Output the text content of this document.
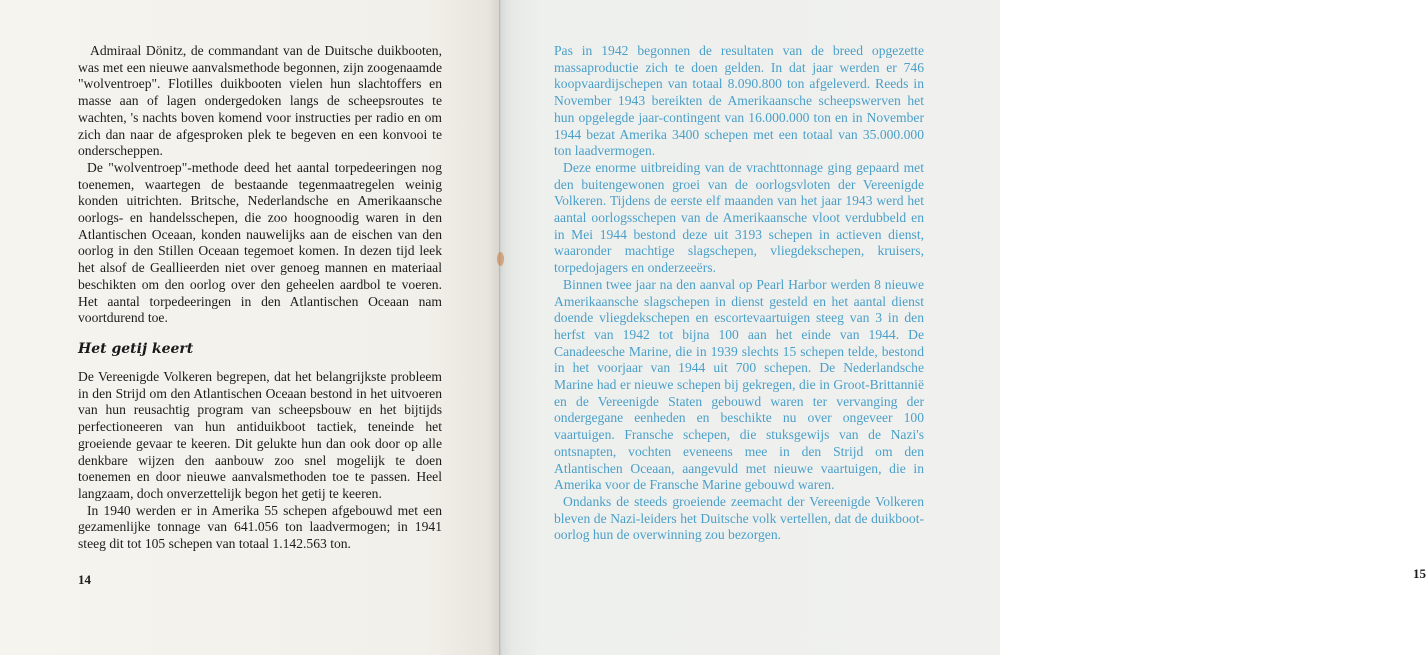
Admiraal Dönitz, de commandant van de Duitsche duikbooten, was met een nieuwe aanvalsmethode begonnen, zijn zoogenaamde "wolventroep". Flotilles duikbooten vielen hun slachtoffers en masse aan of lagen ondergedoken langs de scheepsroutes te wachten, 's nachts boven komend voor instructies per radio en om zich dan naar de afgesproken plek te begeven en een konvooi te onderscheppen.

De "wolventroep"-methode deed het aantal torpedeeringen nog toenemen, waartegen de bestaande tegenmaatregelen weinig konden uitrichten. Britsche, Nederlandsche en Amerikaansche oorlogs- en handelsschepen, die zoo hoognoodig waren in den Atlantischen Oceaan, konden nauwelijks aan de eischen van den oorlog in den Stillen Oceaan tegemoet komen. In dezen tijd leek het alsof de Geallieerden niet over genoeg mannen en materiaal beschikten om den oorlog over den geheelen aardbol te voeren. Het aantal torpedeeringen in den Atlantischen Oceaan nam voortdurend toe.

Het getij keert

De Vereenigde Volkeren begrepen, dat het belangrijkste probleem in den Strijd om den Atlantischen Oceaan bestond in het uitvoeren van hun reusachtig program van scheepsbouw en het bijtijds perfectioneeren van hun antiduikboot tactiek, teneinde het groeiende gevaar te keeren. Dit gelukte hun dan ook door op alle denkbare wijzen den aanbouw zoo snel mogelijk te doen toenemen en door nieuwe aanvalsmethoden toe te passen. Heel langzaam, doch onverzettelijk begon het getij te keeren.

In 1940 werden er in Amerika 55 schepen afgebouwd met een gezamenlijke tonnage van 641.056 ton laadvermogen; in 1941 steeg dit tot 105 schepen van totaal 1.142.563 ton.

14	15

Pas in 1942 begonnen de resultaten van de breed opgezette massaproductie zich te doen gelden. In dat jaar werden er 746 koopvaardijschepen van totaal 8.090.800 ton afgeleverd. Reeds in November 1943 bereikten de Amerikaansche scheepswerven het hun opgelegde jaar-contingent van 16.000.000 ton en in November 1944 bezat Amerika 3400 schepen met een totaal van 35.000.000 ton laadvermogen.

Deze enorme uitbreiding van de vrachttonnage ging gepaard met den buitengewonen groei van de oorlogsvloten der Vereenigde Volkeren. Tijdens de eerste elf maanden van het jaar 1943 werd het aantal oorlogsschepen van de Amerikaansche vloot verdubbeld en in Mei 1944 bestond deze uit 3193 schepen in actieven dienst, waaronder machtige slagschepen, vliegdekschepen, kruisers, torpedojagers en onderzeeërs.

Binnen twee jaar na den aanval op Pearl Harbor werden 8 nieuwe Amerikaansche slagschepen in dienst gesteld en het aantal dienst doende vliegdekschepen en escortevaartuigen steeg van 3 in den herfst van 1942 tot bijna 100 aan het einde van 1944. De Canadeesche Marine, die in 1939 slechts 15 schepen telde, bestond in het voorjaar van 1944 uit 700 schepen. De Nederlandsche Marine had er nieuwe schepen bij gekregen, die in Groot-Brittannië en de Vereenigde Staten gebouwd waren ter vervanging der ondergegane eenheden en beschikte nu over ongeveer 100 vaartuigen. Fransche schepen, die stuksgewijs van de Nazi's ontsnapten, vochten eveneens mee in den Strijd om den Atlantischen Oceaan, aangevuld met nieuwe vaartuigen, die in Amerika voor de Fransche Marine gebouwd waren.

Ondanks de steeds groeiende zeemacht der Vereenigde Volkeren bleven de Nazi-leiders het Duitsche volk vertellen, dat de duikboot-oorlog hun de overwinning zou bezorgen.
